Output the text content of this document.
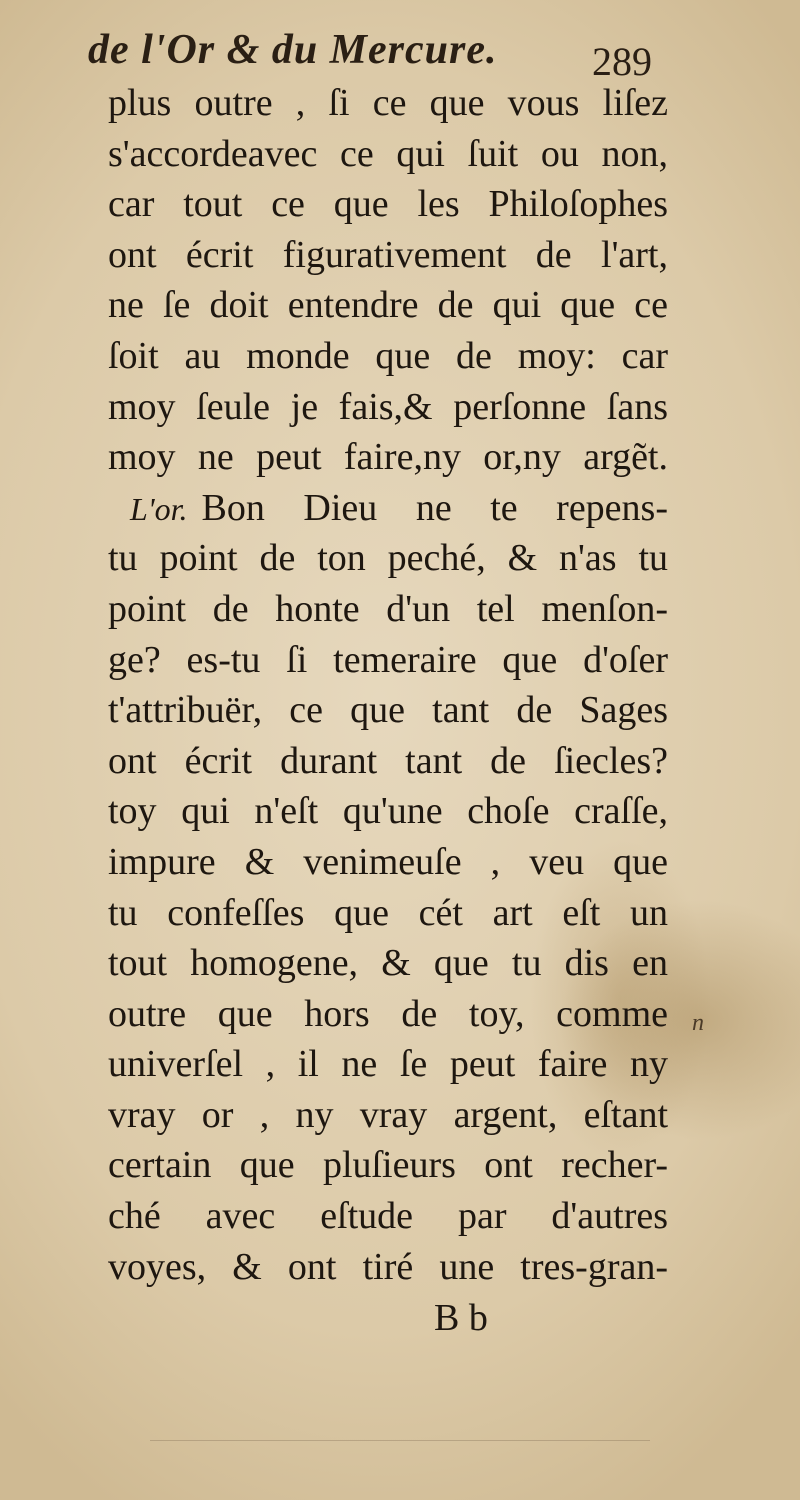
de l'Or & du Mercure. 289
plus outre , ſi ce que vous liſez
s'accordeavec ce qui ſuit ou non,
car tout ce que les Philoſophes
ont écrit figurativement de l'art,
ne ſe doit entendre de qui que ce
ſoit au monde que de moy: car
moy ſeule je fais,& perſonne ſans
moy ne peut faire,ny or,ny argẽt.
L'or. Bon Dieu ne te repens-
tu point de ton peché, & n'as tu
point de honte d'un tel menſon-
ge? es-tu ſi temeraire que d'oſer
t'attribuër, ce que tant de Sages
ont écrit durant tant de ſiecles?
toy qui n'eſt qu'une choſe craſſe,
impure & venimeuſe , veu que
tu confeſſes que cét art eſt un
tout homogene, & que tu dis en
outre que hors de toy, comme
univerſel , il ne ſe peut faire ny
vray or , ny vray argent, eſtant
certain que pluſieurs ont recher-
ché avec eſtude par d'autres
voyes, & ont tiré une tres-gran-
n
B b
